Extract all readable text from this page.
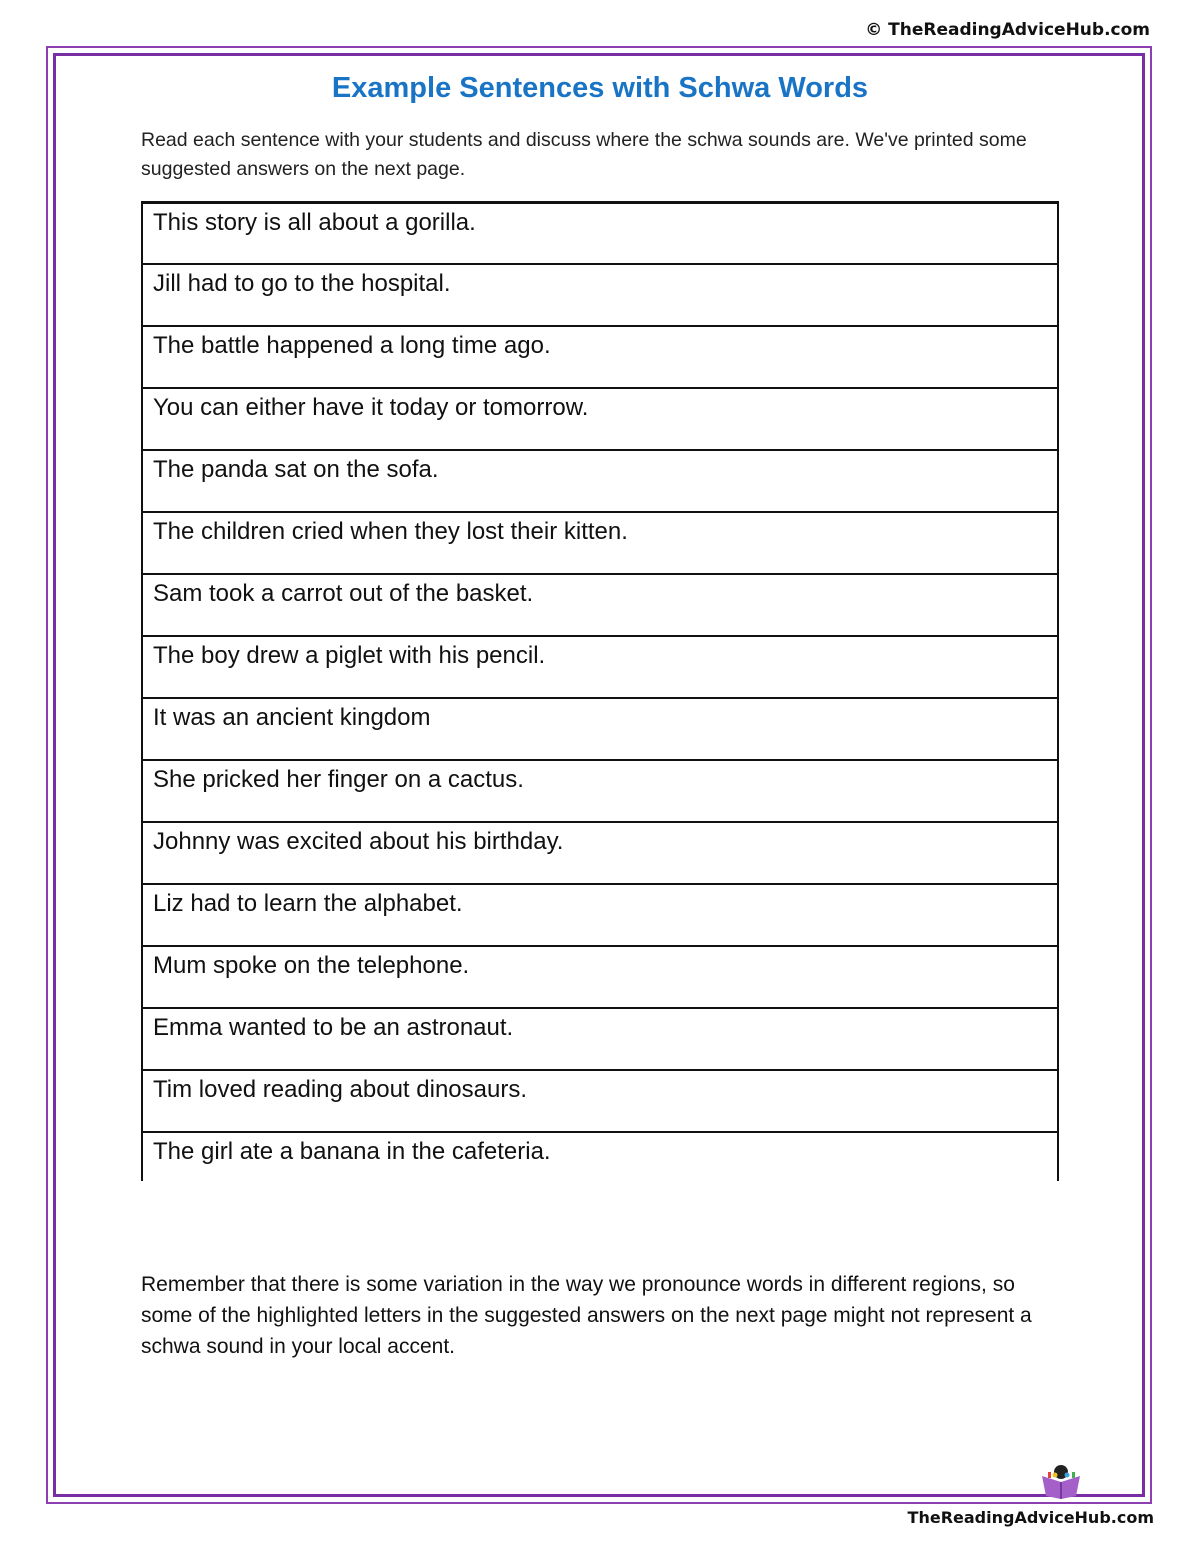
© TheReadingAdviceHub.com
Example Sentences with Schwa Words
Read each sentence with your students and discuss where the schwa sounds are. We've printed some suggested answers on the next page.
This story is all about a gorilla.
Jill had to go to the hospital.
The battle happened a long time ago.
You can either have it today or tomorrow.
The panda sat on the sofa.
The children cried when they lost their kitten.
Sam took a carrot out of the basket.
The boy drew a piglet with his pencil.
It was an ancient kingdom
She pricked her finger on a cactus.
Johnny was excited about his birthday.
Liz had to learn the alphabet.
Mum spoke on the telephone.
Emma wanted to be an astronaut.
Tim loved reading about dinosaurs.
The girl ate a banana in the cafeteria.
Remember that there is some variation in the way we pronounce words in different regions, so some of the highlighted letters in the suggested answers on the next page might not represent a schwa sound in your local accent.
TheReadingAdviceHub.com
